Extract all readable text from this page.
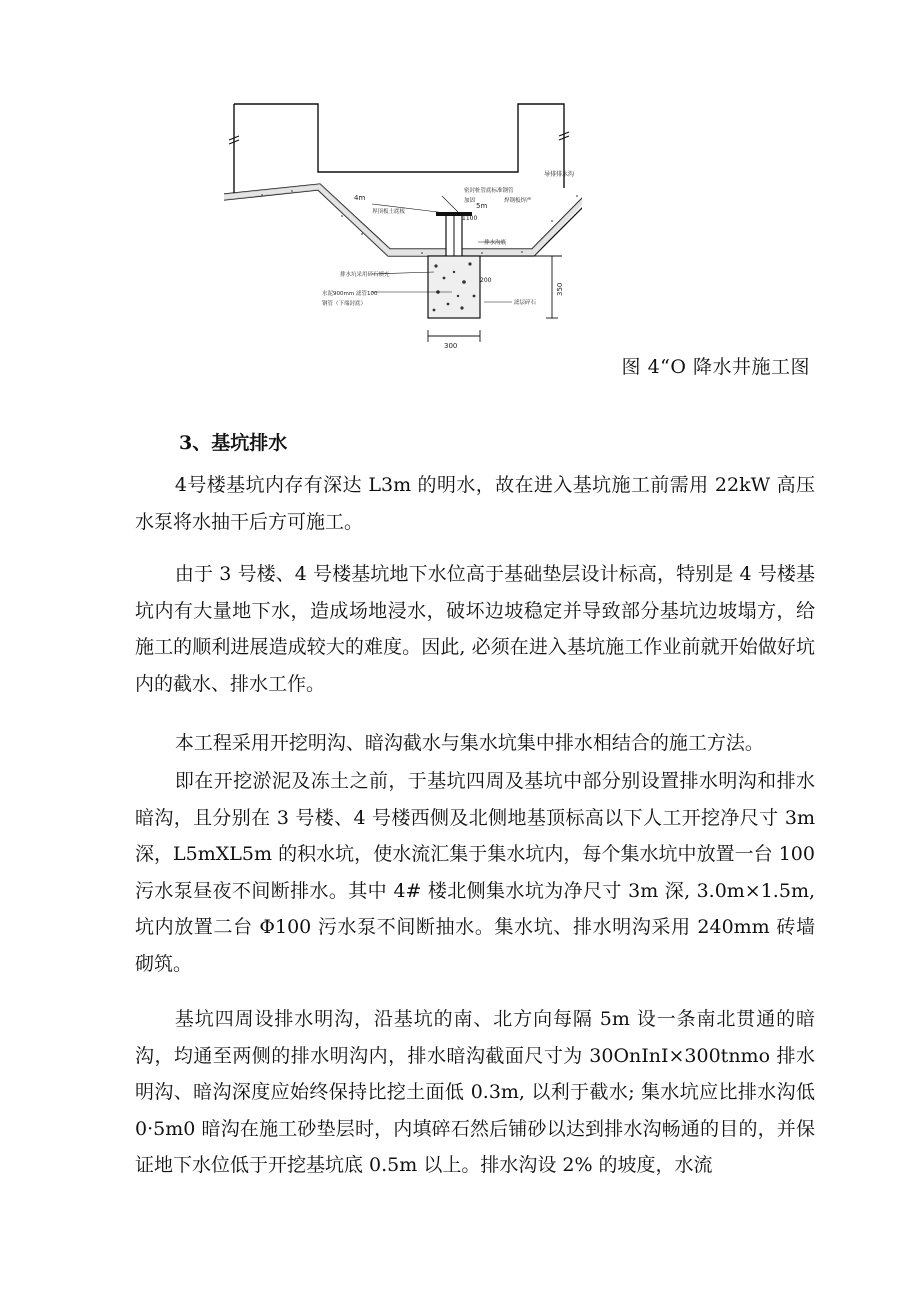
导排排水沟
4m
界顶板土底板
密封桩管底标准钢管
加固	焊钢板焊严
5m
1100
排水沟底
200
排水坑采用碎石填充
水泥900mm 滤管100
钢管（下端封底）	滤层碎石
300
350
图 4“O 降水井施工图
3、基坑排水

4号楼基坑内存有深达 L3m 的明水，故在进入基坑施工前需用 22kW 高压水泵将水抽干后方可施工。

由于 3 号楼、4 号楼基坑地下水位高于基础垫层设计标高，特别是 4 号楼基坑内有大量地下水，造成场地浸水，破坏边坡稳定并导致部分基坑边坡塌方，给施工的顺利进展造成较大的难度。因此, 必须在进入基坑施工作业前就开始做好坑内的截水、排水工作。

本工程采用开挖明沟、暗沟截水与集水坑集中排水相结合的施工方法。

即在开挖淤泥及冻土之前，于基坑四周及基坑中部分别设置排水明沟和排水暗沟，且分别在 3 号楼、4 号楼西侧及北侧地基顶标高以下人工开挖净尺寸 3m 深，L5mXL5m 的积水坑，使水流汇集于集水坑内，每个集水坑中放置一台 100 污水泵昼夜不间断排水。其中 4# 楼北侧集水坑为净尺寸 3m 深, 3.0m×1.5m, 坑内放置二台 Φ100 污水泵不间断抽水。集水坑、排水明沟采用 240mm 砖墙砌筑。

基坑四周设排水明沟，沿基坑的南、北方向每隔 5m 设一条南北贯通的暗沟，均通至两侧的排水明沟内，排水暗沟截面尺寸为 30OnInI×300tnmo 排水明沟、暗沟深度应始终保持比挖土面低 0.3m, 以利于截水; 集水坑应比排水沟低 0·5m0 暗沟在施工砂垫层时，内填碎石然后铺砂以达到排水沟畅通的目的，并保证地下水位低于开挖基坑底 0.5m 以上。排水沟设 2% 的坡度，水流
